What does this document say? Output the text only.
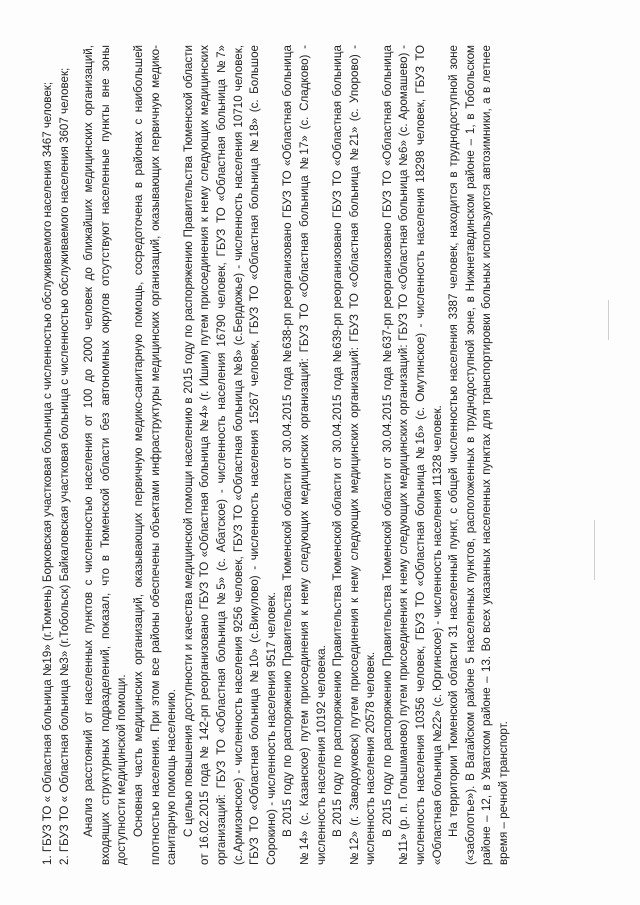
1. ГБУЗ ТО « Областная больница №19» (г.Тюмень) Борковская участковая больница с численностью обслуживаемого населения 3467 человек; 2. ГБУЗ ТО « Областная больница №3» (г.Тобольск) Байкаловская участковая больница с численностью обслуживаемого населения 3607 человек; Анализ расстояний от населенных пунктов с численностью населения от 100 до 2000 человек до ближайших медицинских организаций, входящих структурных подразделений, показал, что в Тюменской области без автономных округов отсутствуют населенные пункты вне зоны доступности медицинской помощи. Основная часть медицинских организаций, оказывающих первичную медико-санитарную помощь, сосредоточена в районах с наибольшей плотностью населения. При этом все районы обеспечены объектами инфраструктуры медицинских организаций, оказывающих первичную медико-санитарную помощь населению. С целью повышения доступности и качества медицинской помощи населению в 2015 году по распоряжению Правительства Тюменской области от 16.02.2015 года № 142-рп реорганизовано ГБУЗ ТО «Областная больница №4» (г. Ишим) путем присоединения к нему следующих медицинских организаций: ГБУЗ ТО «Областная больница №5» (с. Абатское) - численность населения 16790 человек, ГБУЗ ТО «Областная больница №7» (с.Армизонское) - численность населения 9256 человек, ГБУЗ ТО «Областная больница №8» (с.Бердюжье) - численность населения 10710 человек, ГБУЗ ТО «Областная больница №10» (с.Викулово) - численность населения 15267 человек, ГБУЗ ТО «Областная больница №18» (с. Большое Сорокино) - численность населения 9517 человек. В 2015 году по распоряжению Правительства Тюменской области от 30.04.2015 года №638-рп реорганизовано ГБУЗ ТО «Областная больница №14» (с. Казанское) путем присоединения к нему следующих медицинских организаций: ГБУЗ ТО «Областная больница №17» (с. Сладково) - численность населения 10192 человека. В 2015 году по распоряжению Правительства Тюменской области от 30.04.2015 года №639-рп реорганизовано ГБУЗ ТО «Областная больница №12» (г. Заводоуковск) путем присоединения к нему следующих медицинских организаций: ГБУЗ ТО «Областная больница №21» (с. Упорово) - численность населения 20578 человек. В 2015 году по распоряжению Правительства Тюменской области от 30.04.2015 года №637-рп реорганизовано ГБУЗ ТО «Областная больница №11» (р. п. Голышманово) путем присоединения к нему следующих медицинских организаций: ГБУЗ ТО «Областная больница №6» (с. Аромашево) - численность населения 10356 человек, ГБУЗ ТО «Областная больница №16» (с. Омутинское) - численность населения 18298 человек, ГБУЗ ТО «Областная больница №22» (с. Юргинское) - численность населения 11328 человек. На территории Тюменской области 31 населенный пункт, с общей численностью населения 3387 человек, находится в труднодоступной зоне («заболотье»). В Вагайском районе 5 населенных пунктов, расположенных в труднодоступной зоне, в Нижнетавдинском районе – 1, в Тобольском районе – 12, в Уватском районе – 13. Во всех указанных населенных пунктах для транспортировки больных используются автозимники, а в летнее время – речной транспорт.
